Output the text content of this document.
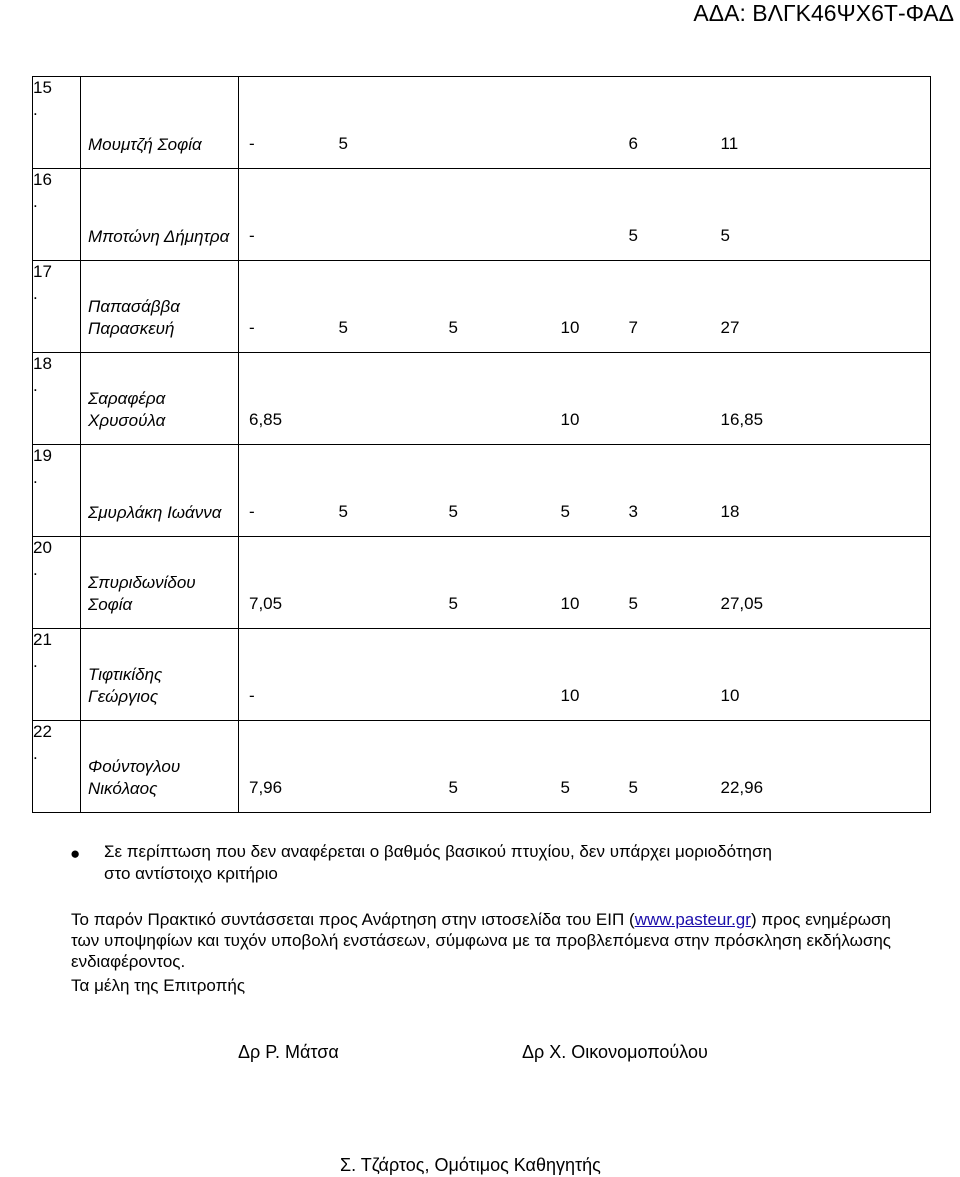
ΑΔΑ: ΒΛΓΚ46ΨΧ6Τ-ΦΑΔ
15
.	Μουμτζή Σοφία	-	5			6	11

16
.	Μποτώνη Δήμητρα	-				5	5

17
.	Παπασάββα Παρασκευή	-	5	5	10	7	27

18
.	Σαραφέρα Χρυσούλα	6,85			10		16,85

19
.	Σμυρλάκη Ιωάννα	-	5	5	5	3	18

20
.	Σπυριδωνίδου Σοφία	7,05		5	10	5	27,05

21
.	Τιφτικίδης Γεώργιος	-			10		10

22
.	Φούντογλου Νικόλαος	7,96		5	5	5	22,96
● Σε περίπτωση που δεν αναφέρεται ο βαθμός βασικού πτυχίου, δεν υπάρχει μοριοδότηση
στο αντίστοιχο κριτήριο
Το παρόν Πρακτικό συντάσσεται προς Ανάρτηση στην ιστοσελίδα του ΕΙΠ (www.pasteur.gr) προς ενημέρωση των υποψηφίων και τυχόν υποβολή ενστάσεων, σύμφωνα με τα προβλεπόμενα στην πρόσκληση εκδήλωσης ενδιαφέροντος.
Τα μέλη της Επιτροπής
Δρ Ρ. Μάτσα	Δρ Χ. Οικονομοπούλου
Σ. Τζάρτος, Ομότιμος Καθηγητής
